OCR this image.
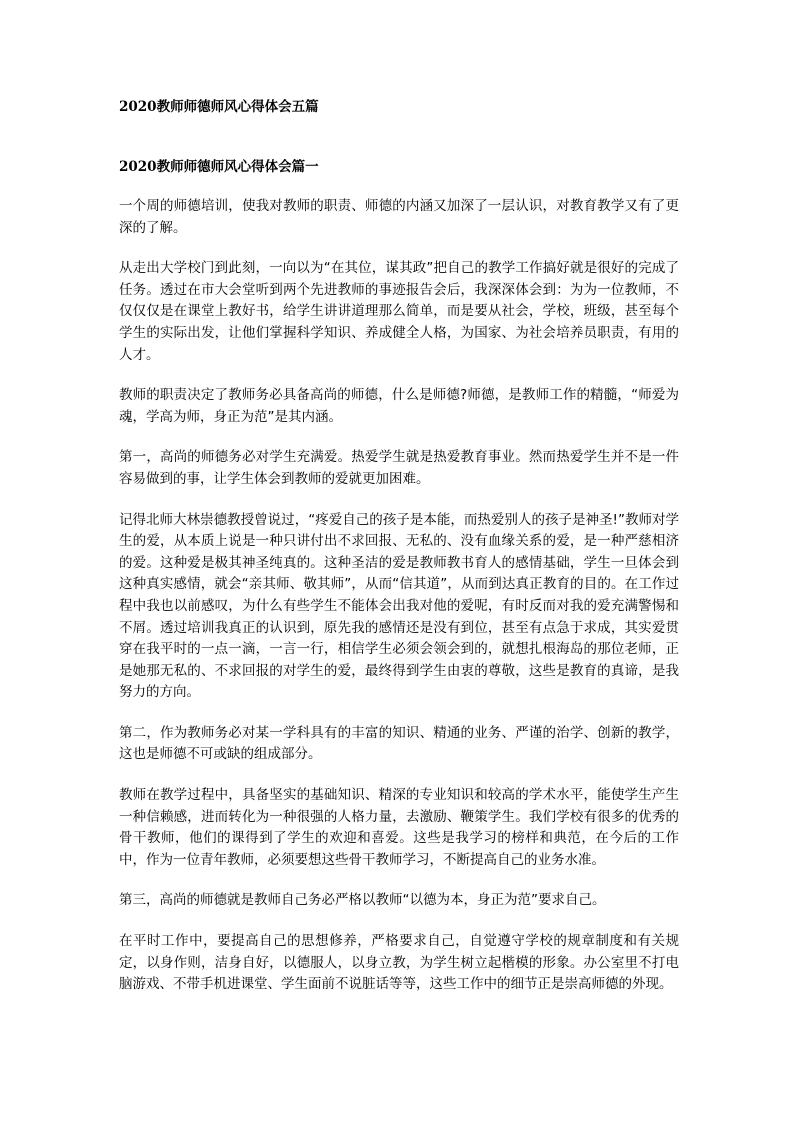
2020教师师德师风心得体会五篇
2020教师师德师风心得体会篇一

一个周的师德培训，使我对教师的职责、师德的内涵又加深了一层认识，对教育教学又有了更深的了解。

从走出大学校门到此刻，一向以为“在其位，谋其政”把自己的教学工作搞好就是很好的完成了任务。透过在市大会堂听到两个先进教师的事迹报告会后，我深深体会到：为为一位教师，不仅仅仅是在课堂上教好书，给学生讲讲道理那么简单，而是要从社会，学校，班级，甚至每个学生的实际出发，让他们掌握科学知识、养成健全人格，为国家、为社会培养员职责，有用的人才。

教师的职责决定了教师务必具备高尚的师德，什么是师德?师德，是教师工作的精髓，“师爱为魂，学高为师，身正为范”是其内涵。

第一，高尚的师德务必对学生充满爱。热爱学生就是热爱教育事业。然而热爱学生并不是一件容易做到的事，让学生体会到教师的爱就更加困难。

记得北师大林崇德教授曾说过，“疼爱自己的孩子是本能，而热爱别人的孩子是神圣!”教师对学生的爱，从本质上说是一种只讲付出不求回报、无私的、没有血缘关系的爱，是一种严慈相济的爱。这种爱是极其神圣纯真的。这种圣洁的爱是教师教书育人的感情基础，学生一旦体会到这种真实感情，就会“亲其师、敬其师”，从而“信其道”，从而到达真正教育的目的。在工作过程中我也以前感叹，为什么有些学生不能体会出我对他的爱呢，有时反而对我的爱充满警惕和不屑。透过培训我真正的认识到，原先我的感情还是没有到位，甚至有点急于求成，其实爱贯穿在我平时的一点一滴，一言一行，相信学生必须会领会到的，就想扎根海岛的那位老师，正是她那无私的、不求回报的对学生的爱，最终得到学生由衷的尊敬，这些是教育的真谛，是我努力的方向。

第二，作为教师务必对某一学科具有的丰富的知识、精通的业务、严谨的治学、创新的教学，这也是师德不可或缺的组成部分。

教师在教学过程中，具备坚实的基础知识、精深的专业知识和较高的学术水平，能使学生产生一种信赖感，进而转化为一种很强的人格力量，去激励、鞭策学生。我们学校有很多的优秀的骨干教师，他们的课得到了学生的欢迎和喜爱。这些是我学习的榜样和典范，在今后的工作中，作为一位青年教师，必须要想这些骨干教师学习，不断提高自己的业务水准。

第三，高尚的师德就是教师自己务必严格以教师“以德为本，身正为范”要求自己。

在平时工作中，要提高自己的思想修养，严格要求自己，自觉遵守学校的规章制度和有关规定，以身作则，洁身自好，以德服人，以身立教，为学生树立起楷模的形象。办公室里不打电脑游戏、不带手机进课堂、学生面前不说脏话等等，这些工作中的细节正是崇高师德的外现。
